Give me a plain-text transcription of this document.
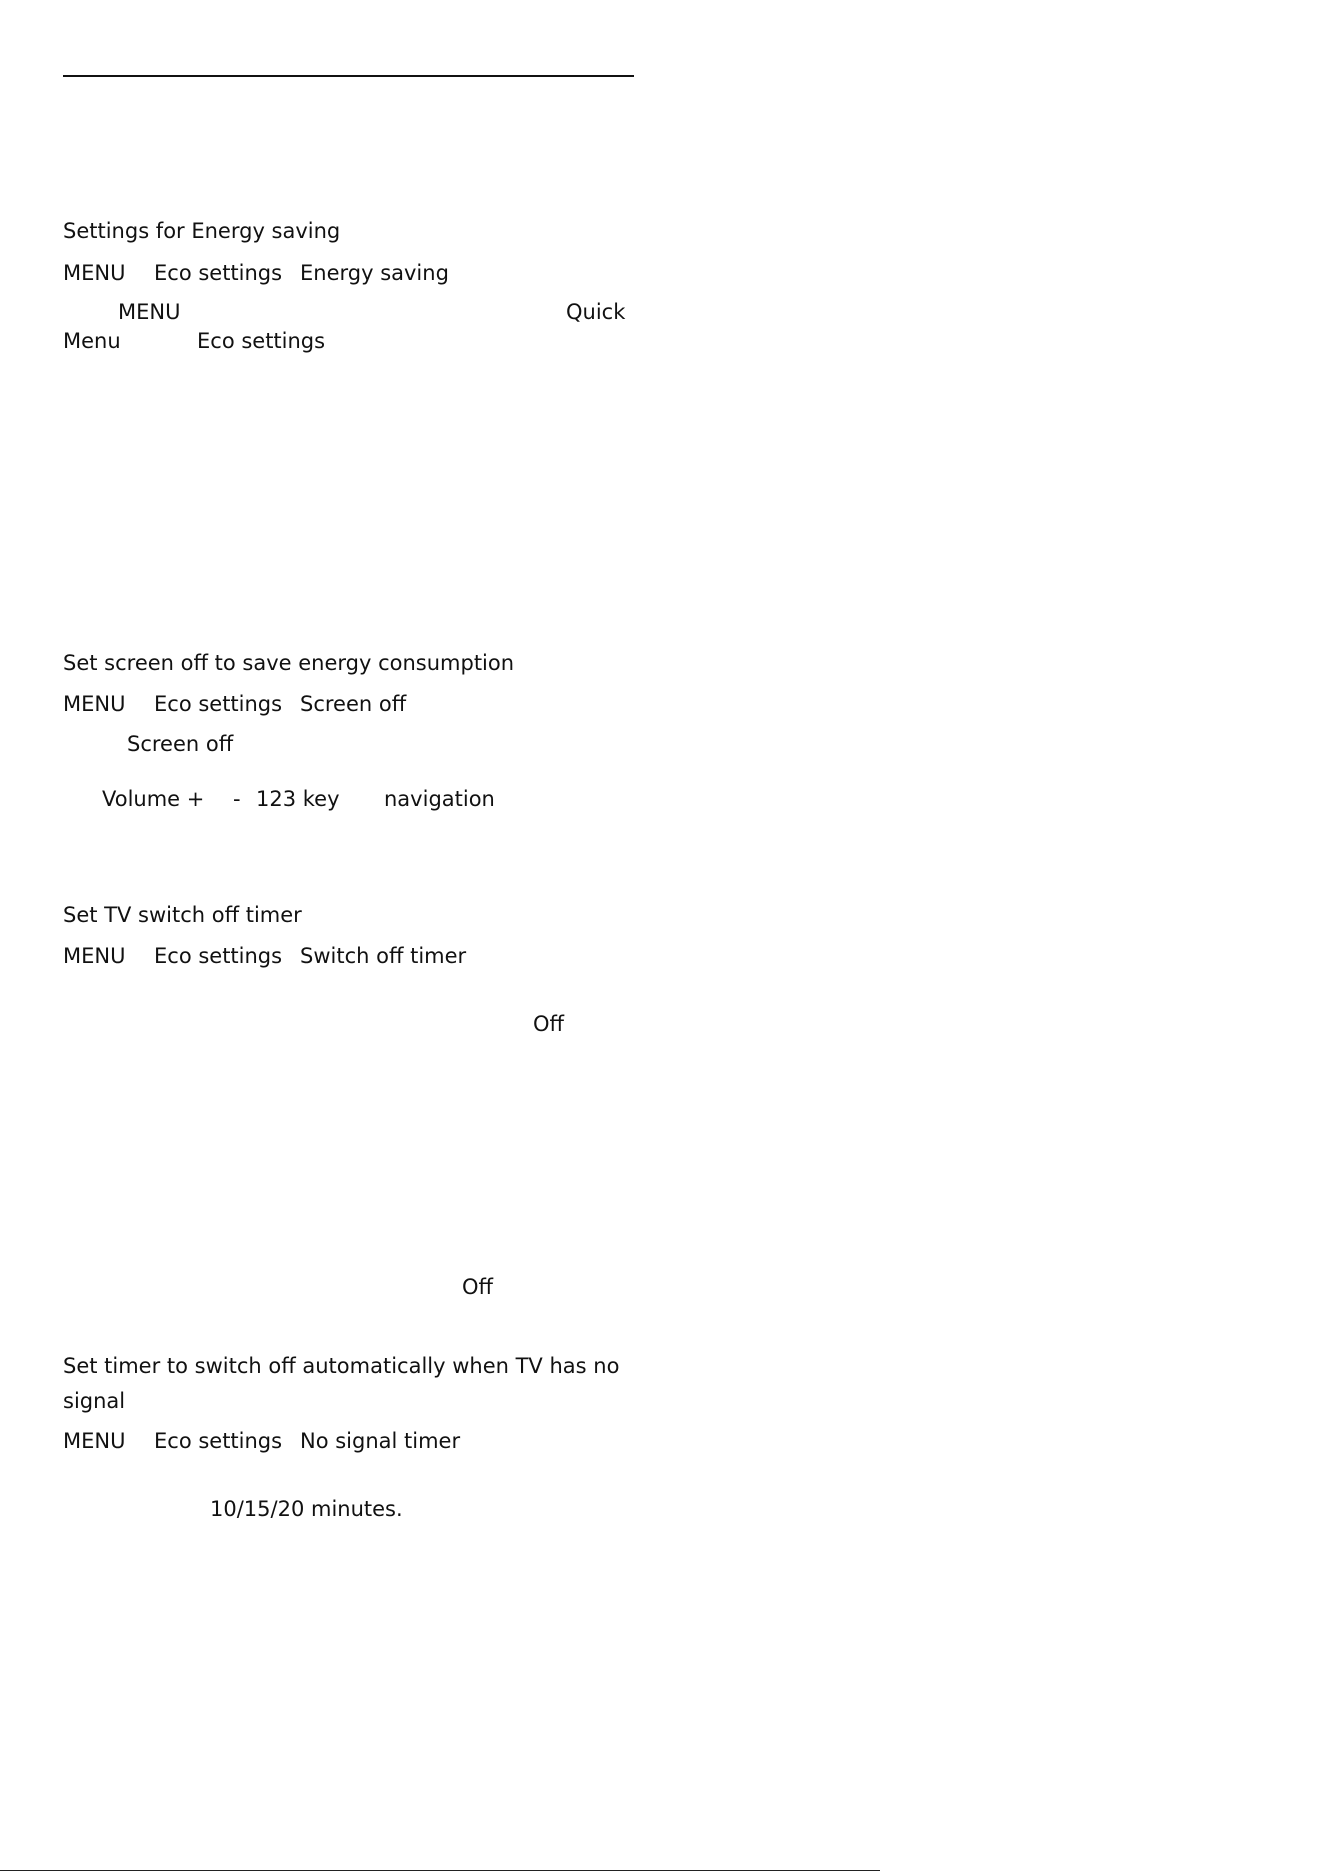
Settings for Energy saving
MENU Eco settings Energy saving
MENU	Quick
Menu	Eco settings
Set screen off to save energy consumption
MENU Eco settings Screen off
Screen off
Volume + - 123 key navigation
Set TV switch off timer
MENU Eco settings Switch off timer
Off
Off
Set timer to switch off automatically when TV has no
signal
MENU Eco settings No signal timer
10/15/20 minutes.
